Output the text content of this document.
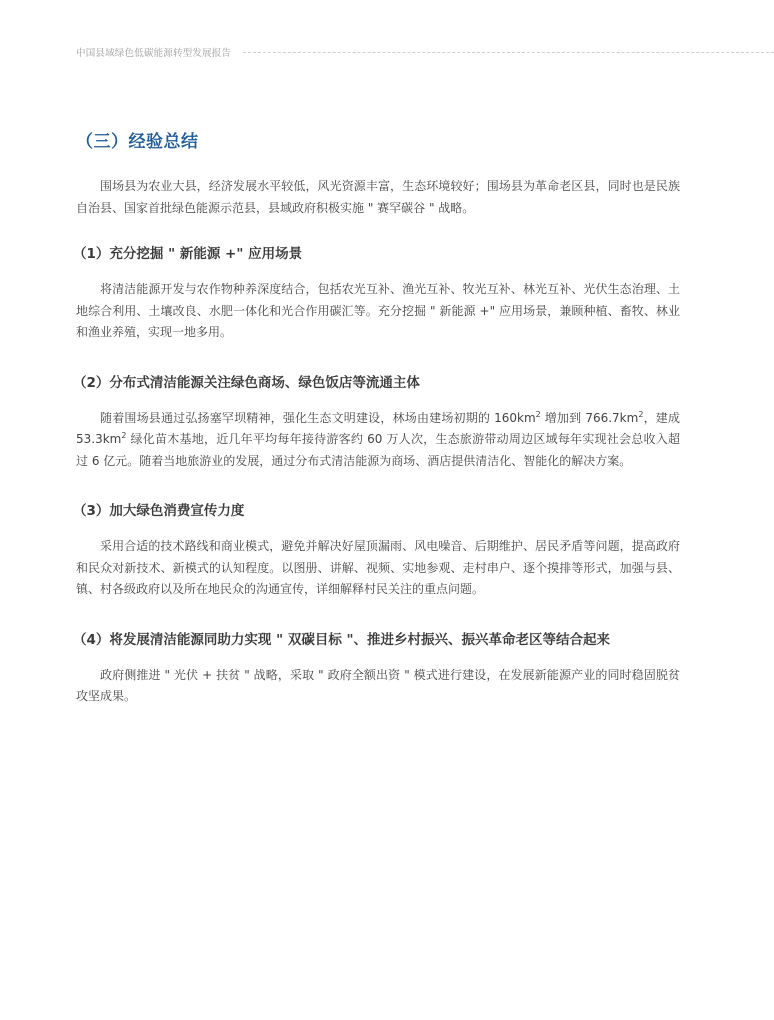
中国县域绿色低碳能源转型发展报告
（三）经验总结

围场县为农业大县，经济发展水平较低，风光资源丰富，生态环境较好；围场县为革命老区县，同时也是民族自治县、国家首批绿色能源示范县，县域政府积极实施 " 赛罕碳谷 " 战略。

（1）充分挖掘 " 新能源 +" 应用场景

将清洁能源开发与农作物种养深度结合，包括农光互补、渔光互补、牧光互补、林光互补、光伏生态治理、土地综合利用、土壤改良、水肥一体化和光合作用碳汇等。充分挖掘 " 新能源 +" 应用场景，兼顾种植、畜牧、林业和渔业养殖，实现一地多用。

（2）分布式清洁能源关注绿色商场、绿色饭店等流通主体

随着围场县通过弘扬塞罕坝精神，强化生态文明建设，林场由建场初期的 $160km^2$ 增加到 $766.7km^2$，建成 $53.3km^2$ 绿化苗木基地，近几年平均每年接待游客约 60 万人次，生态旅游带动周边区域每年实现社会总收入超过 6 亿元。随着当地旅游业的发展，通过分布式清洁能源为商场、酒店提供清洁化、智能化的解决方案。

（3）加大绿色消费宣传力度

采用合适的技术路线和商业模式，避免并解决好屋顶漏雨、风电噪音、后期维护、居民矛盾等问题，提高政府和民众对新技术、新模式的认知程度。以图册、讲解、视频、实地参观、走村串户、逐个摸排等形式，加强与县、镇、村各级政府以及所在地民众的沟通宣传，详细解释村民关注的重点问题。

（4）将发展清洁能源同助力实现 " 双碳目标 "、推进乡村振兴、振兴革命老区等结合起来

政府侧推进 " 光伏 + 扶贫 " 战略，采取 " 政府全额出资 " 模式进行建设，在发展新能源产业的同时稳固脱贫攻坚成果。
